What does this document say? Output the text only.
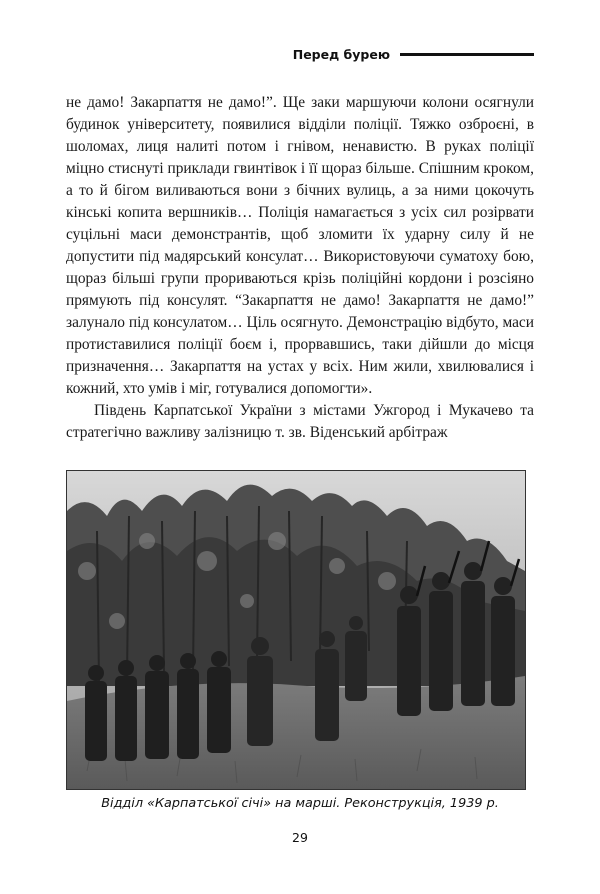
Перед бурею

не дамо! Закарпаття не дамо!”. Ще заки маршуючи колони осягнули будинок університету, появилися відділи поліції. Тяжко озброєні, в шоломах, лиця налиті потом і гнівом, ненавистю. В руках поліції міцно стиснуті приклади гвинтівок і її щораз більше. Спішним кроком, а то й бігом виливаються вони з бічних вулиць, а за ними цокочуть кінські копита вершників… Поліція намагається з усіх сил розірвати суцільні маси демонстрантів, щоб зломити їх ударну силу й не допустити під мадярський консулат… Використовуючи суматоху бою, щораз більші групи прориваються крізь поліційні кордони і розсіяно прямують під консулят. “Закарпаття не дамо! Закарпаття не дамо!” залунало під консулатом… Ціль осягнуто. Демонстрацію відбуто, маси протиставилися поліції боєм і, прорвавшись, таки дійшли до місця призначення… Закарпаття на устах у всіх. Ним жили, хвилювалися і кожний, хто умів і міг, готувалися допомогти».

Південь Карпатської України з містами Ужгород і Мукачево та стратегічно важливу залізницю т. зв. Віденський арбітраж

Відділ «Карпатської січі» на марші. Реконструкція, 1939 р.
29
